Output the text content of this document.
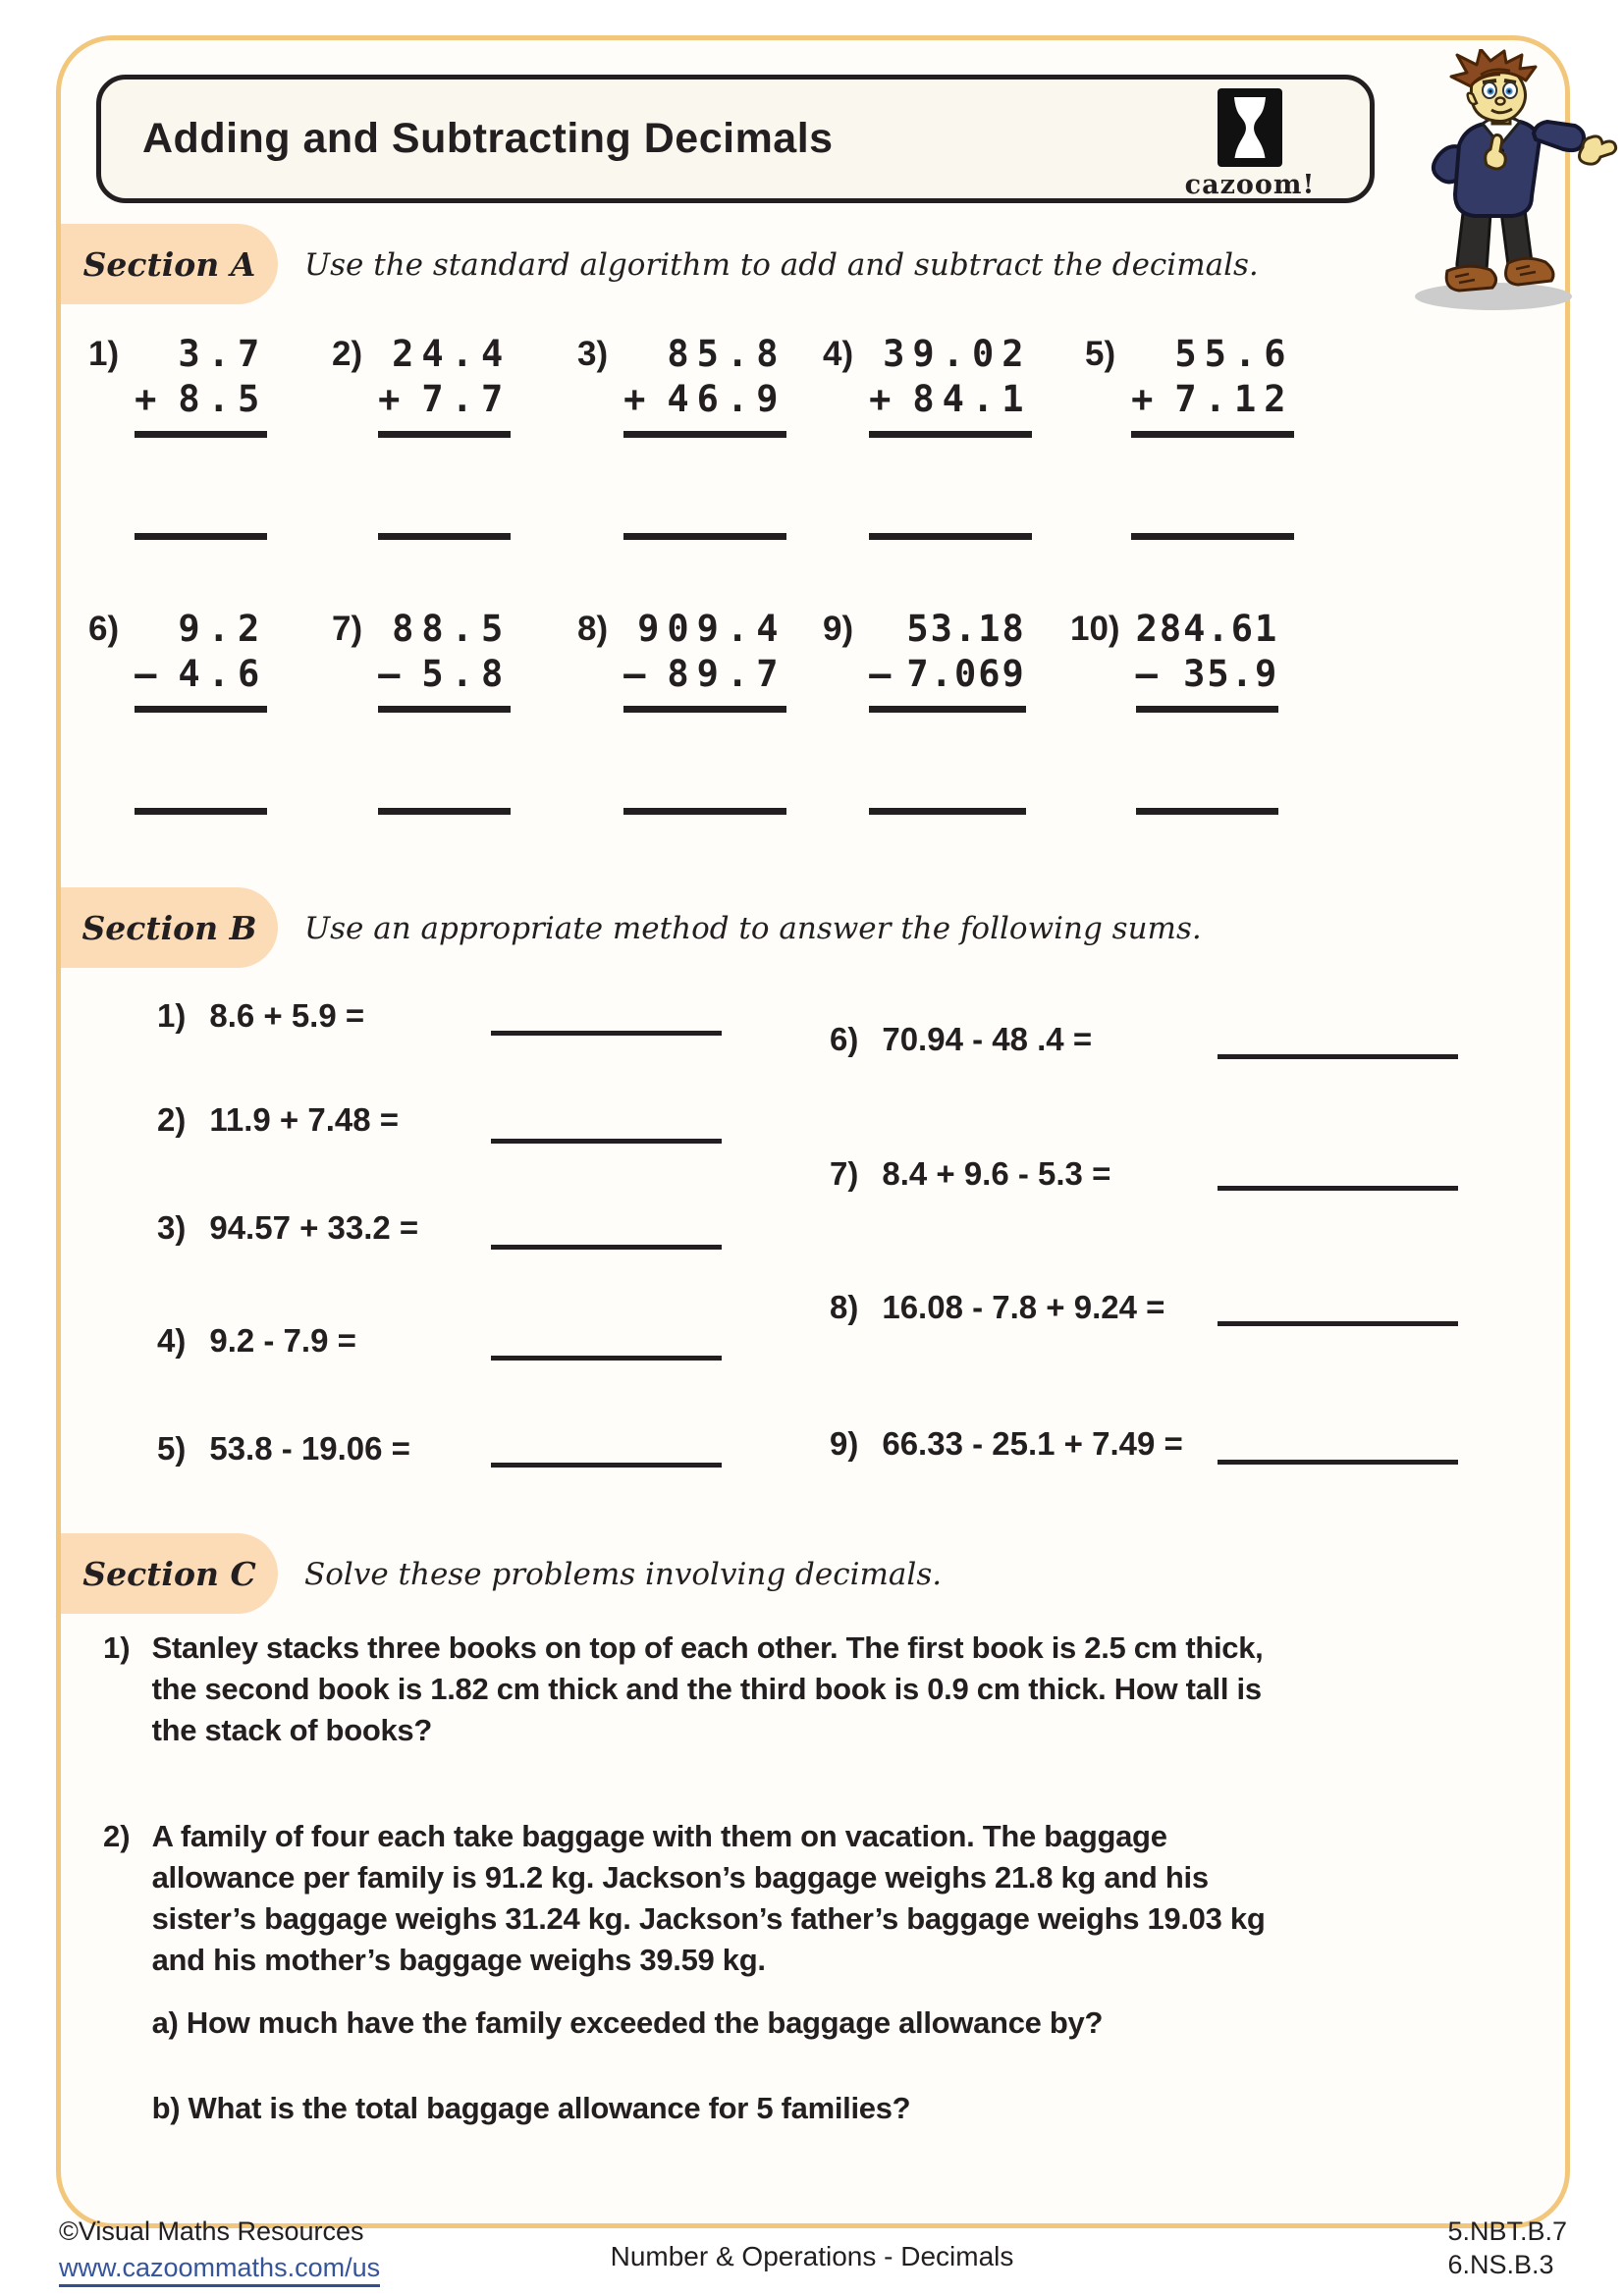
Adding and Subtracting Decimals
cazoom!
Section A Use the standard algorithm to add and subtract the decimals.
1)	3.7
+ 8.5
2) 24.4
+ 7.7
3)	85.8
+ 46.9
4) 39.02
+ 84.1
5)	55.6
+ 7.12
6)	9.2
– 4.6
7) 88.5
– 5.8
8) 909.4
– 89.7
9)	53.18
– 7.069
10) 284.61
– 35.9
Section B Use an appropriate method to answer the following sums.
1) 8.6 + 5.9 =
2) 11.9 + 7.48 =
3) 94.57 + 33.2 =
4) 9.2 - 7.9 =
5) 53.8 - 19.06 =
6) 70.94 - 48 .4 =
7) 8.4 + 9.6 - 5.3 =
8) 16.08 - 7.8 + 9.24 =
9) 66.33 - 25.1 + 7.49 =
Section C Solve these problems involving decimals.
1) Stanley stacks three books on top of each other. The first book is 2.5 cm thick,
the second book is 1.82 cm thick and the third book is 0.9 cm thick. How tall is
the stack of books?
2) A family of four each take baggage with them on vacation. The baggage
allowance per family is 91.2 kg. Jackson’s baggage weighs 21.8 kg and his
sister’s baggage weighs 31.24 kg. Jackson’s father’s baggage weighs 19.03 kg
and his mother’s baggage weighs 39.59 kg.
a) How much have the family exceeded the baggage allowance by?
b) What is the total baggage allowance for 5 families?
©Visual Maths Resources
www.cazoommaths.com/us	Number & Operations - Decimals
5.NBT.B.7
6.NS.B.3
